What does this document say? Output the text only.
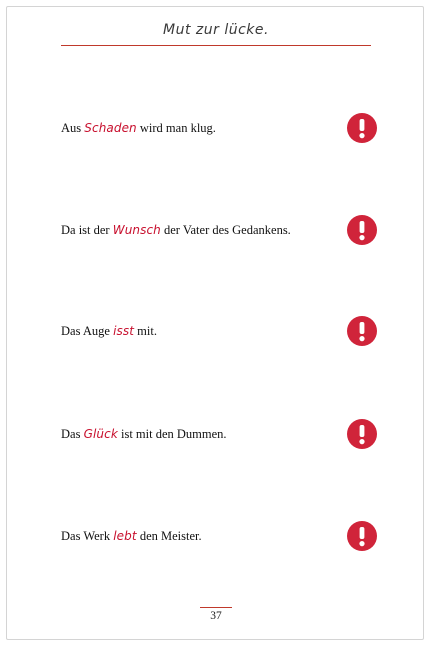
Mut zur lücke.
Aus Schaden wird man klug.
Da ist der Wunsch der Vater des Gedankens.
Das Auge isst mit.
Das Glück ist mit den Dummen.
Das Werk lebt den Meister.
37
